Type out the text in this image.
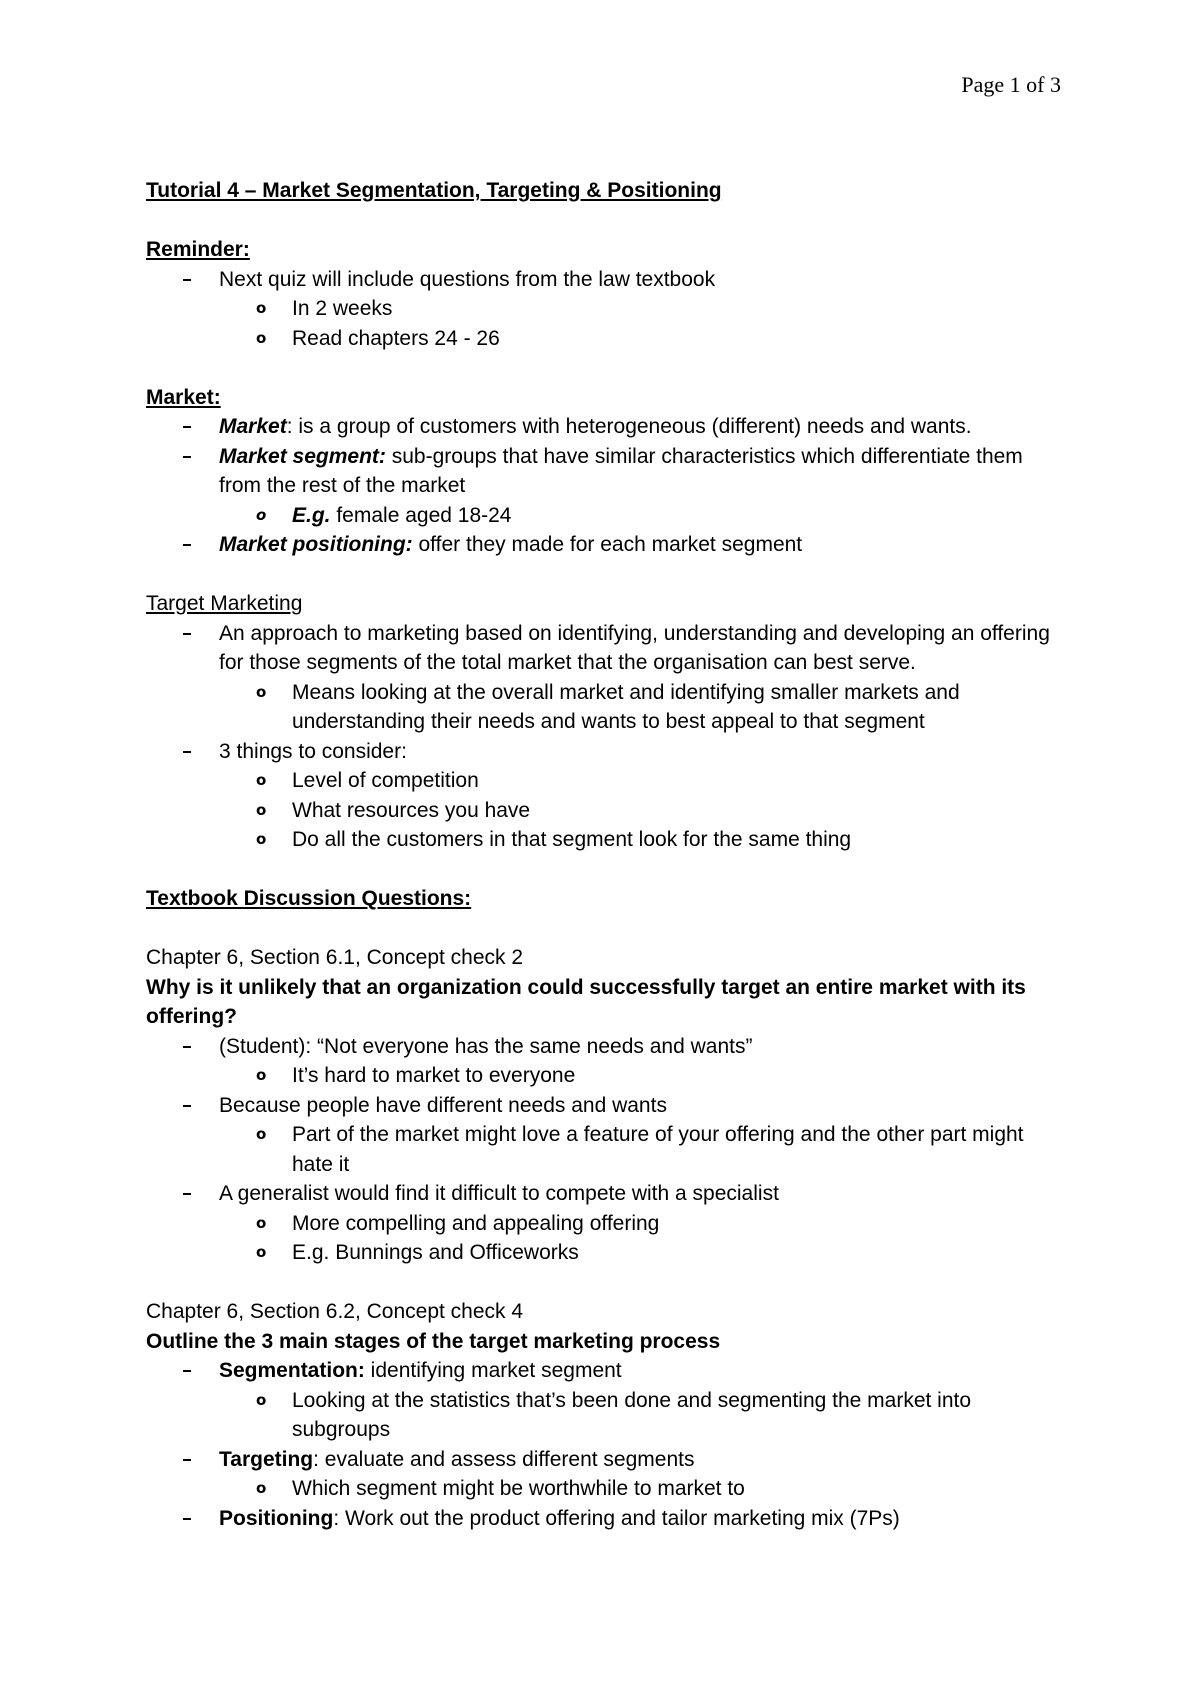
Page 1 of 3
Tutorial 4 – Market Segmentation, Targeting & Positioning
Reminder:
Next quiz will include questions from the law textbook
o In 2 weeks
o Read chapters 24 - 26
Market:
Market: is a group of customers with heterogeneous (different) needs and wants.
Market segment: sub-groups that have similar characteristics which differentiate them from the rest of the market
o E.g. female aged 18-24
Market positioning: offer they made for each market segment
Target Marketing
An approach to marketing based on identifying, understanding and developing an offering for those segments of the total market that the organisation can best serve.
o Means looking at the overall market and identifying smaller markets and understanding their needs and wants to best appeal to that segment
3 things to consider:
o Level of competition
o What resources you have
o Do all the customers in that segment look for the same thing
Textbook Discussion Questions:
Chapter 6, Section 6.1, Concept check 2
Why is it unlikely that an organization could successfully target an entire market with its offering?
(Student): “Not everyone has the same needs and wants”
o It’s hard to market to everyone
Because people have different needs and wants
o Part of the market might love a feature of your offering and the other part might hate it
A generalist would find it difficult to compete with a specialist
o More compelling and appealing offering
o E.g. Bunnings and Officeworks
Chapter 6, Section 6.2, Concept check 4
Outline the 3 main stages of the target marketing process
Segmentation: identifying market segment
o Looking at the statistics that’s been done and segmenting the market into subgroups
Targeting: evaluate and assess different segments
o Which segment might be worthwhile to market to
Positioning: Work out the product offering and tailor marketing mix (7Ps)
